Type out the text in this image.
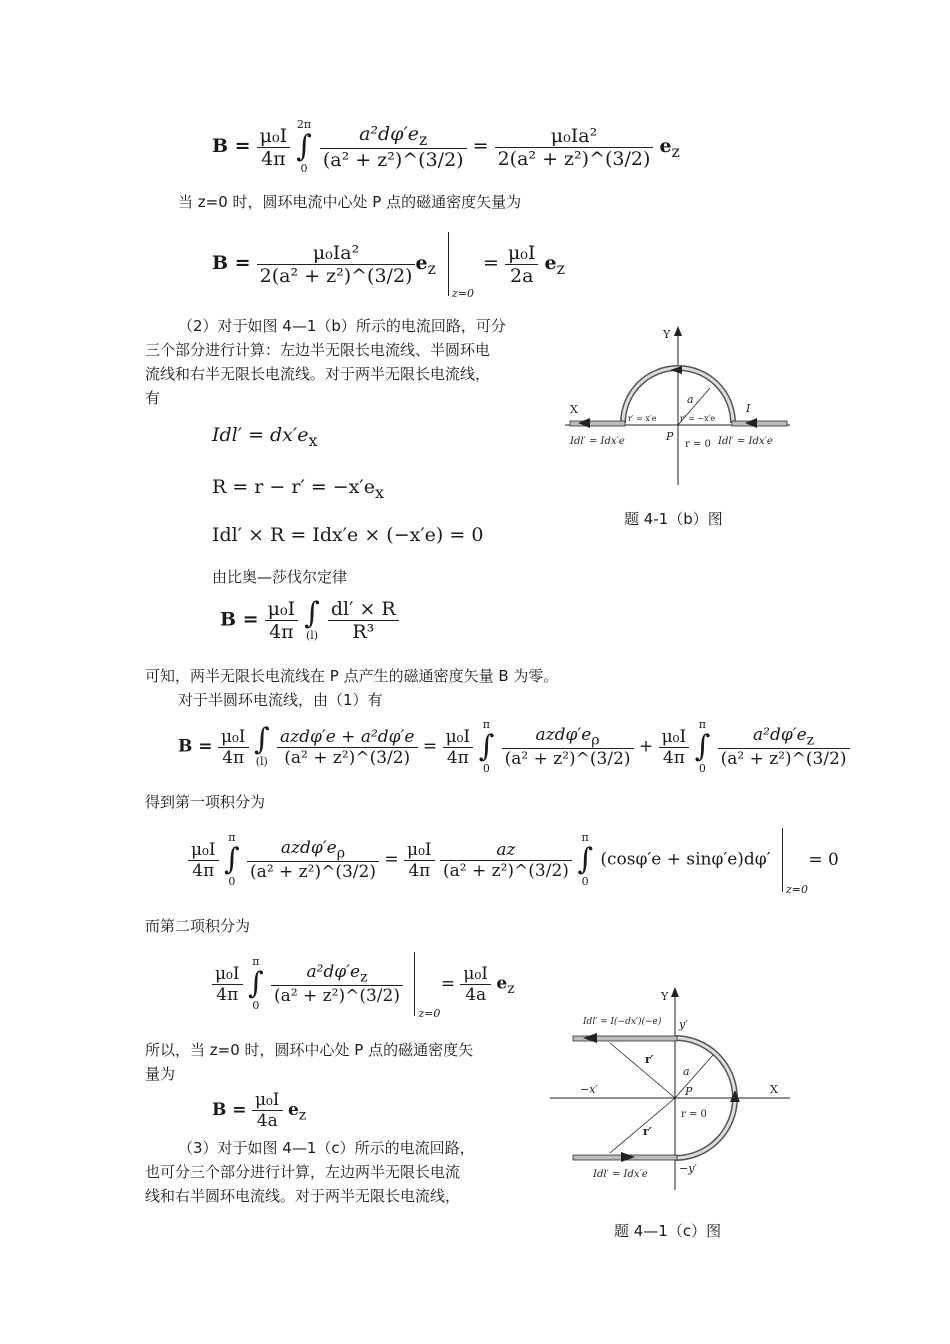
$B = \frac{\text{μ₀I}}{4\pi} 2\pi$
∫
$0 \frac{a^2d\varphi'e_z}{\text{(a² + z²)\textasciicircum{}(3/2)}} = \frac{\text{μ₀Ia²}}{\text{2(a² + z²)\textasciicircum{}(3/2)}} e_z$
当 z=0 时，圆环电流中心处 P 点的磁通密度矢量为
$B = \frac{\text{μ₀Ia²}}{\text{2(a² + z²)\textasciicircum{}(3/2)}} e_z$
z=0
= $\frac{\text{μ₀I}}{2a} e_z$
（2）对于如图 4—1（b）所示的电流回路，可分
三个部分进行计算：左边半无限长电流线、半圆环电
流线和右半无限长电流线。对于两半无限长电流线，
有
$Idl' = dx'e_x$
$R = r - r' = -x'e_x$
Idl′ × R = Idx′e × (−x′e) = 0
由比奥—莎伐尔定律
$B = \frac{\text{μ₀I}}{4\pi}$ ∫
$(l) \frac{dl' \times R}{\text{R³}}$
可知，两半无限长电流线在 P 点产生的磁通密度矢量 B 为零。
对于半圆环电流线，由（1）有
$B = \frac{\text{μ₀I}}{4\pi}$ ∫
$(l) \frac{\text{azdφ′e + a²dφ′e}}{\text{(a² + z²)\textasciicircum{}(3/2)}} = \frac{\text{μ₀I}}{4\pi}$
π
∫
$0 \frac{azd\varphi'e_\rho}{\text{(a² + z²)\textasciicircum{}(3/2)}} + \frac{\text{μ₀I}}{4\pi}$
π
∫
$0 \frac{a^2d\varphi'e_z}{\text{(a² + z²)\textasciicircum{}(3/2)}}$
得到第一项积分为
$\frac{\text{μ₀I}}{4\pi}$
π
∫
$0 \frac{azd\varphi'e_\rho}{\text{(a² + z²)\textasciicircum{}(3/2)}} = \frac{\text{μ₀I}}{4\pi}$
$\frac{az}{\text{(a² + z²)\textasciicircum{}(3/2)}}$
π
∫
0 (cosφ′e + sinφ′e)dφ′
z=0
= 0
而第二项积分为
$\frac{\text{μ₀I}}{4\pi}$
π
∫
$0 \frac{a^2d\varphi'e_z}{\text{(a² + z²)\textasciicircum{}(3/2)}}$

z=0
= $\frac{\text{μ₀I}}{4a} e_z$
所以，当 z=0 时，圆环中心处 P 点的磁通密度矢
量为
$B = \frac{\text{μ₀I}}{4a} e_z$
（3）对于如图 4—1（c）所示的电流回路，
也可分三个部分进行计算，左边两半无限长电流
线和右半圆环电流线。对于两半无限长电流线，
Y
X
a
I
P
r = 0
r′ = x′e	r′ = −x′e
Idl′ = Idx′e	Idl′ = Idx′e
题 4-1（b）图
Y
X
a
P
r = 0
r′
r′
y′
−y′
−x′
Idl′ = I(−dx′)(−e)
Idl′ = Idx′e
题 4—1（c）图
